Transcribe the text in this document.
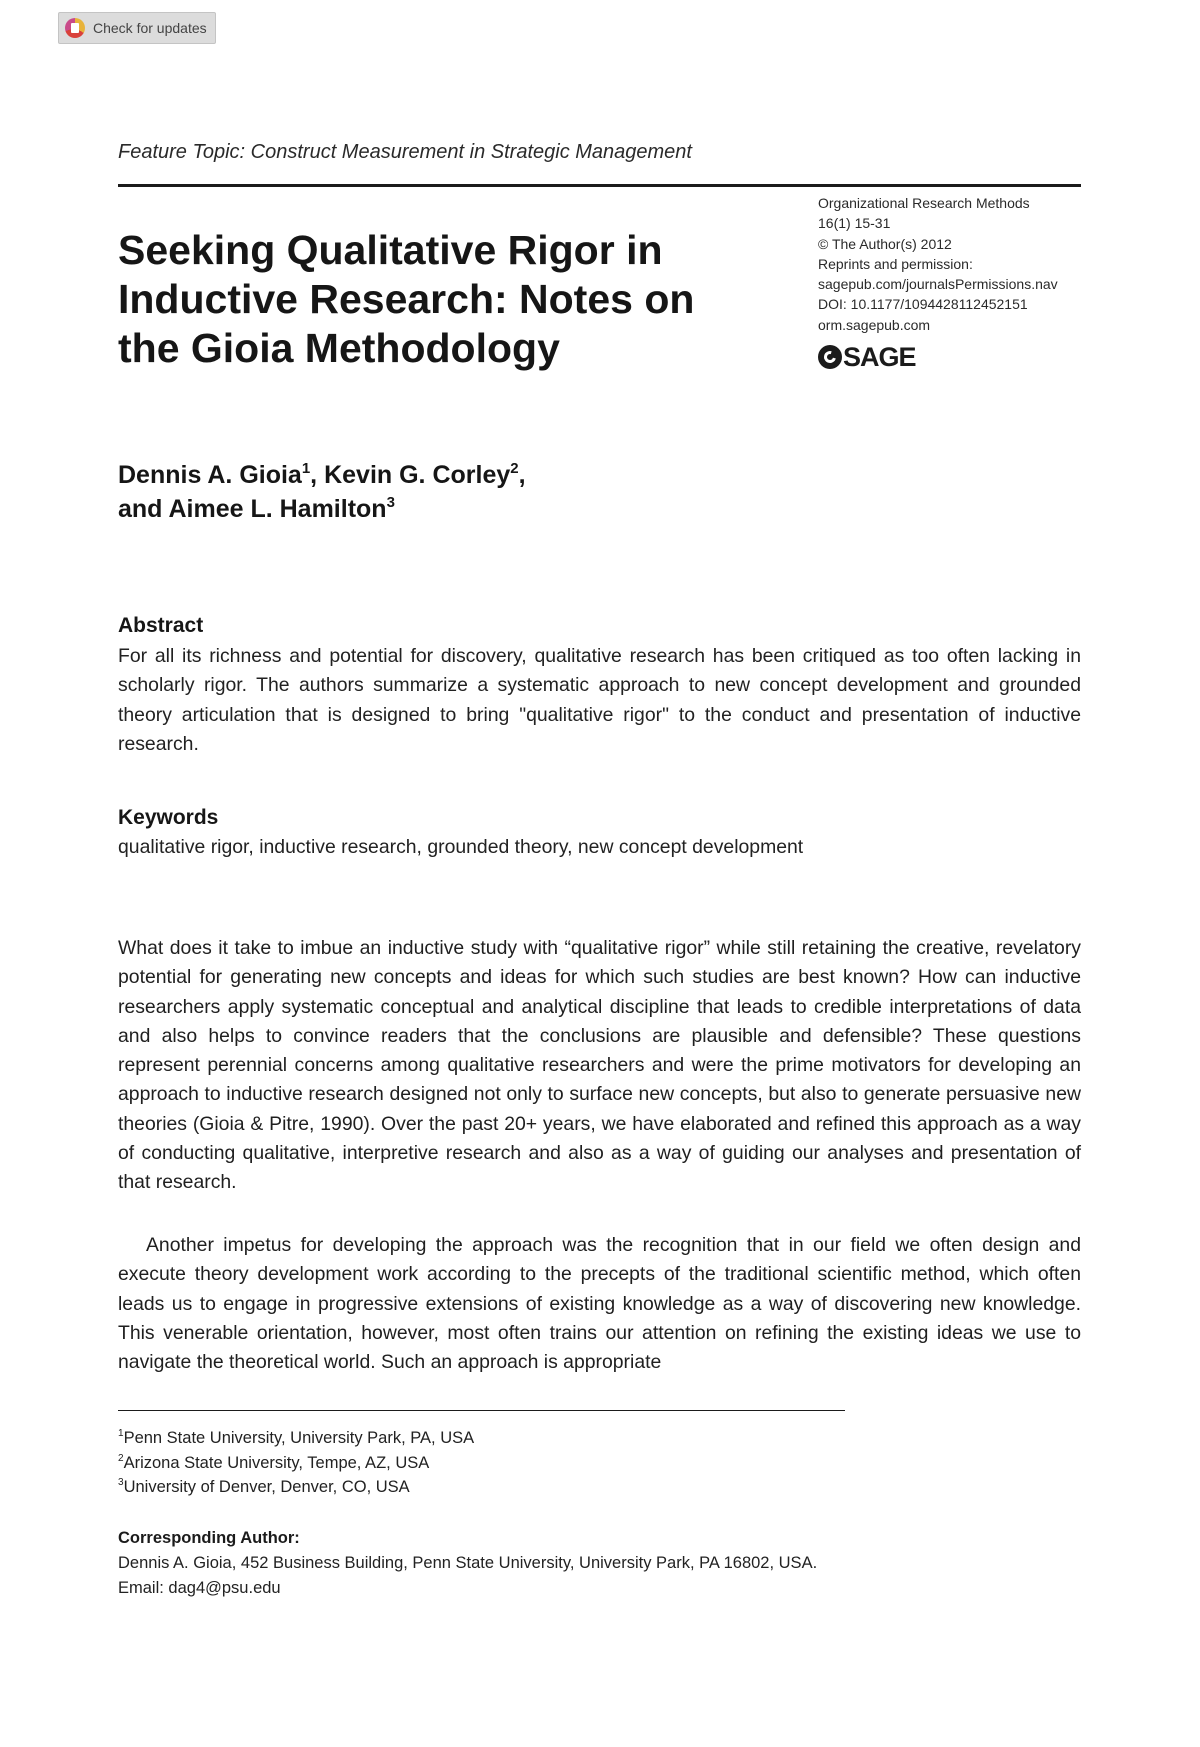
Check for updates
Feature Topic: Construct Measurement in Strategic Management
Seeking Qualitative Rigor in Inductive Research: Notes on the Gioia Methodology
Organizational Research Methods
16(1) 15-31
© The Author(s) 2012
Reprints and permission:
sagepub.com/journalsPermissions.nav
DOI: 10.1177/1094428112452151
orm.sagepub.com
SAGE
Dennis A. Gioia$^1$, Kevin G. Corley$^2$,
and Aimee L. Hamilton$^3$
Abstract

For all its richness and potential for discovery, qualitative research has been critiqued as too often lacking in scholarly rigor. The authors summarize a systematic approach to new concept development and grounded theory articulation that is designed to bring "qualitative rigor" to the conduct and presentation of inductive research.

Keywords

qualitative rigor, inductive research, grounded theory, new concept development

What does it take to imbue an inductive study with “qualitative rigor” while still retaining the creative, revelatory potential for generating new concepts and ideas for which such studies are best known? How can inductive researchers apply systematic conceptual and analytical discipline that leads to credible interpretations of data and also helps to convince readers that the conclusions are plausible and defensible? These questions represent perennial concerns among qualitative researchers and were the prime motivators for developing an approach to inductive research designed not only to surface new concepts, but also to generate persuasive new theories (Gioia & Pitre, 1990). Over the past 20+ years, we have elaborated and refined this approach as a way of conducting qualitative, interpretive research and also as a way of guiding our analyses and presentation of that research.

Another impetus for developing the approach was the recognition that in our field we often design and execute theory development work according to the precepts of the traditional scientific method, which often leads us to engage in progressive extensions of existing knowledge as a way of discovering new knowledge. This venerable orientation, however, most often trains our attention on refining the existing ideas we use to navigate the theoretical world. Such an approach is appropriate

$^1$Penn State University, University Park, PA, USA
$^2$Arizona State University, Tempe, AZ, USA
$^3$University of Denver, Denver, CO, USA
Corresponding Author:
Dennis A. Gioia, 452 Business Building, Penn State University, University Park, PA 16802, USA.
Email: dag4@psu.edu
